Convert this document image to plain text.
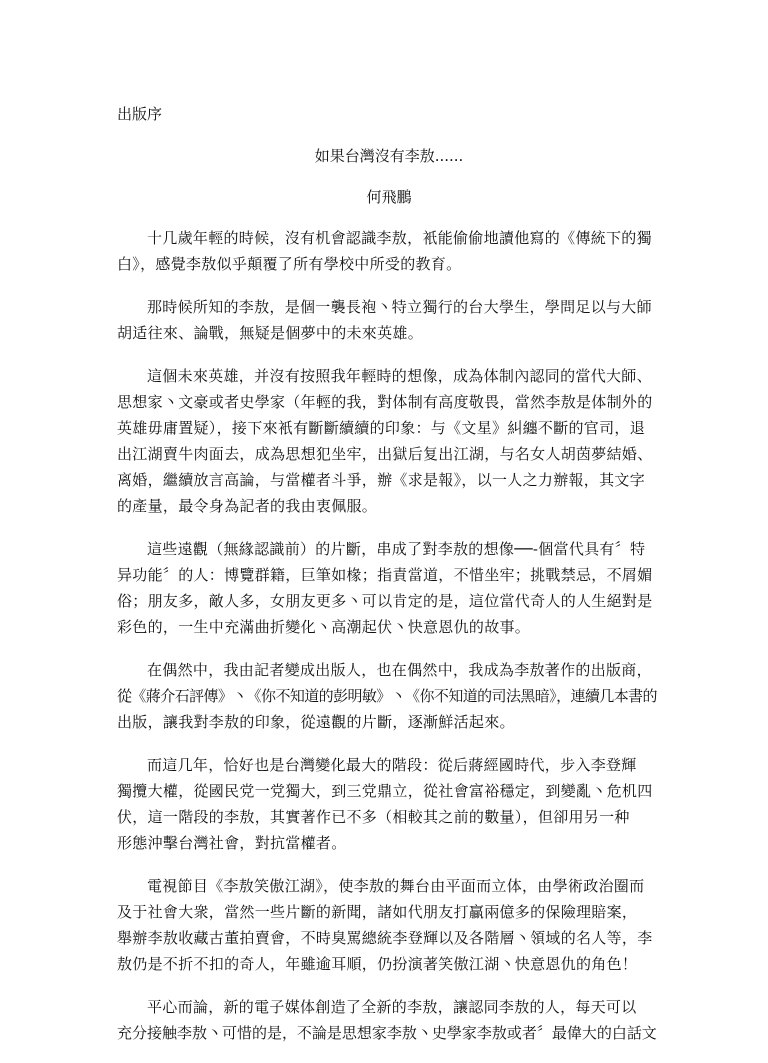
出版序
如果台灣沒有李敖......
何飛鵬

十几歲年輕的時候，沒有机會認識李敖，衹能偷偷地讀他寫的《傳統下的獨
白》，感覺李敖似乎顛覆了所有學校中所受的教育。

那時候所知的李敖，是個一襲長袍丶特立獨行的台大學生，學問足以与大師
胡适往來、論戰，無疑是個夢中的未來英雄。

這個未來英雄，并沒有按照我年輕時的想像，成為体制內認同的當代大師、
思想家丶文豪或者史學家（年輕的我，對体制有高度敬畏，當然李敖是体制外的
英雄毋庸置疑），接下來衹有斷斷續續的印象：与《文星》糾纏不斷的官司，退
出江湖賣牛肉面去，成為思想犯坐牢，出獄后复出江湖，与名女人胡茵夢結婚、
离婚，繼續放言高論，与當權者斗爭，辦《求是報》，以一人之力辦報，其文字
的產量，最令身為記者的我由衷佩服。

這些遠觀（無緣認識前）的片斷，串成了對李敖的想像──-個當代具有〞特
异功能〞的人：博覽群籍，巨筆如椽；指責當道，不惜坐牢；挑戰禁忌，不屑媚
俗；朋友多，敵人多，女朋友更多丶可以肯定的是，這位當代奇人的人生絕對是
彩色的，一生中充滿曲折變化丶高潮起伏丶快意恩仇的故事。

在偶然中，我由記者變成出版人，也在偶然中，我成為李敖著作的出版商，
從《蔣介石評傳》丶《你不知道的彭明敏》丶《你不知道的司法黑暗》，連續几本書的
出版，讓我對李敖的印象，從遠觀的片斷，逐漸鮮活起來。

而這几年，恰好也是台灣變化最大的階段：從后蔣經國時代，步入李登輝
獨攬大權，從國民党一党獨大，到三党鼎立，從社會富裕穩定，到變亂丶危机四
伏，這一階段的李敖，其實著作已不多（相較其之前的數量），但卻用另一种
形態沖擊台灣社會，對抗當權者。

電視節目《李敖笑傲江湖》，使李敖的舞台由平面而立体，由學術政治圈而
及于社會大衆，當然一些片斷的新聞，諸如代朋友打贏兩億多的保險理賠案，
舉辦李敖收藏古董拍賣會，不時臭罵總統李登輝以及各階層丶領域的名人等，李
敖仍是不折不扣的奇人，年雖逾耳順，仍扮演著笑傲江湖丶快意恩仇的角色！

平心而論，新的電子媒体創造了全新的李敖，讓認同李敖的人，每天可以
充分接触李敖丶可惜的是，不論是思想家李敖丶史學家李敖或者〞最偉大的白話文
